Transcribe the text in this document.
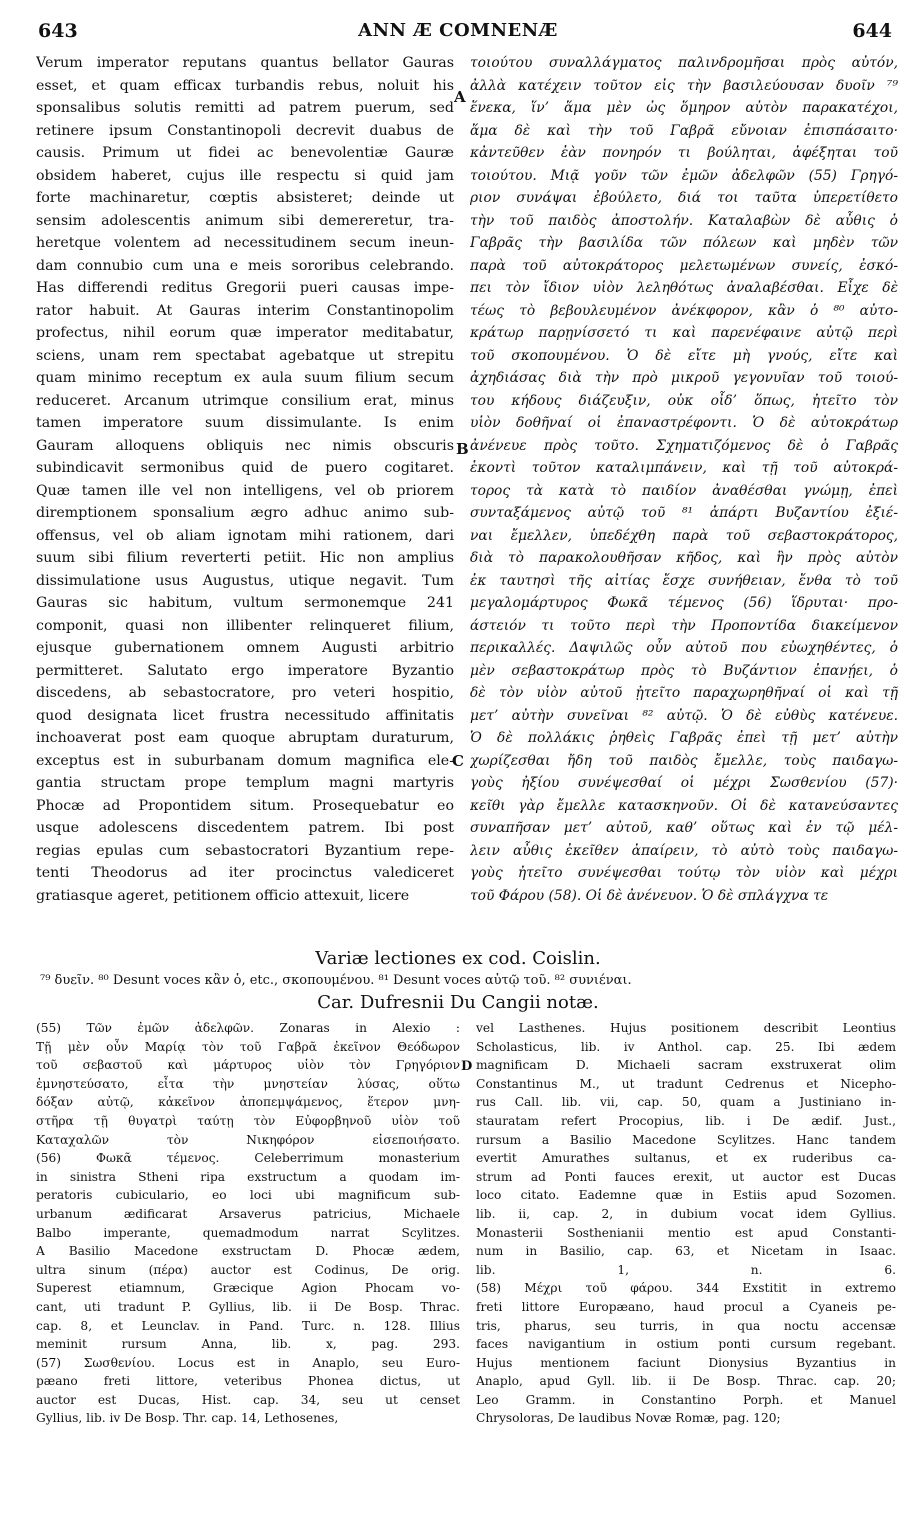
643	ANN Æ COMNENÆ	644
Verum imperator reputans quantus bellator Gauras
esset, et quam efficax turbandis rebus, noluit his
sponsalibus solutis remitti ad patrem puerum, sed
retinere ipsum Constantinopoli decrevit duabus de
causis. Primum ut fidei ac benevolentiæ Gauræ
obsidem haberet, cujus ille respectu si quid jam
forte machinaretur, cœptis absisteret; deinde ut
sensim adolescentis animum sibi demereretur, tra-
heretque volentem ad necessitudinem secum ineun-
dam connubio cum una e meis sororibus celebrando.
Has differendi reditus Gregorii pueri causas impe-
rator habuit. At Gauras interim Constantinopolim
profectus, nihil eorum quæ imperator meditabatur,
sciens, unam rem spectabat agebatque ut strepitu
quam minimo receptum ex aula suum filium secum
reduceret. Arcanum utrimque consilium erat, minus
tamen imperatore suum dissimulante. Is enim
Gauram alloquens obliquis nec nimis obscuris
subindicavit sermonibus quid de puero cogitaret.
Quæ tamen ille vel non intelligens, vel ob priorem
diremptionem sponsalium ægro adhuc animo sub-
offensus, vel ob aliam ignotam mihi rationem, dari
suum sibi filium reverterti petiit. Hic non amplius
dissimulatione usus Augustus, utique negavit. Tum
Gauras sic habitum, vultum sermonemque 241
componit, quasi non illibenter relinqueret filium,
ejusque gubernationem omnem Augusti arbitrio
permitteret. Salutato ergo imperatore Byzantio
discedens, ab sebastocratore, pro veteri hospitio,
quod designata licet frustra necessitudo affinitatis
inchoaverat post eam quoque abruptam duraturum,
exceptus est in suburbanam domum magnifica ele-
gantia structam prope templum magni martyris
Phocæ ad Propontidem situm. Prosequebatur eo
usque adolescens discedentem patrem. Ibi post
regias epulas cum sebastocratori Byzantium repe-
tenti Theodorus ad iter procinctus valediceret
gratiasque ageret, petitionem officio attexuit, licere
τοιούτου συναλλάγματος παλινδρομῆσαι πρὸς αὐτόν,
ἀλλὰ κατέχειν τοῦτον εἰς τὴν βασιλεύουσαν δυοῖν ⁷⁹
ἕνεκα, ἵν’ ἅμα μὲν ὡς ὅμηρον αὐτὸν παρακατέχοι,
ἅμα δὲ καὶ τὴν τοῦ Γαβρᾶ εὔνοιαν ἐπισπάσαιτο·
κἀντεῦθεν ἐὰν πονηρόν τι βούληται, ἀφέξηται τοῦ
τοιούτου. Μιᾷ γοῦν τῶν ἐμῶν ἀδελφῶν (55) Γρηγό-
ριον συνάψαι ἐβούλετο, διά τοι ταῦτα ὑπερετίθετο
τὴν τοῦ παιδὸς ἀποστολήν. Καταλαβὼν δὲ αὖθις ὁ
Γαβρᾶς τὴν βασιλίδα τῶν πόλεων καὶ μηδὲν τῶν
παρὰ τοῦ αὐτοκράτορος μελετωμένων συνείς, ἐσκό-
πει τὸν ἴδιον υἱὸν λεληθότως ἀναλαβέσθαι. Εἶχε δὲ
τέως τὸ βεβουλευμένον ἀνέκφορον, κἂν ὁ ⁸⁰ αὐτο-
κράτωρ παρῃνίσσετό τι καὶ παρενέφαινε αὐτῷ περὶ
τοῦ σκοπουμένου. Ὁ δὲ εἴτε μὴ γνούς, εἴτε καὶ
ἀχηδιάσας διὰ τὴν πρὸ μικροῦ γεγονυῖαν τοῦ τοιού-
του κήδους διάζευξιν, οὐκ οἶδ’ ὅπως, ἠτεῖτο τὸν
υἱὸν δοθῆναί οἱ ἐπαναστρέφοντι. Ὁ δὲ αὐτοκράτωρ
ἀνένευε πρὸς τοῦτο. Σχηματιζόμενος δὲ ὁ Γαβρᾶς
ἑκοντὶ τοῦτον καταλιμπάνειν, καὶ τῇ τοῦ αὐτοκρά-
τορος τὰ κατὰ τὸ παιδίον ἀναθέσθαι γνώμῃ, ἐπεὶ
συνταξάμενος αὐτῷ τοῦ ⁸¹ ἀπάρτι Βυζαντίου ἐξιέ-
ναι ἔμελλεν, ὑπεδέχθη παρὰ τοῦ σεβαστοκράτορος,
διὰ τὸ παρακολουθῆσαν κῆδος, καὶ ἣν πρὸς αὐτὸν
ἐκ ταυτησὶ τῆς αἰτίας ἔσχε συνήθειαν, ἔνθα τὸ τοῦ
μεγαλομάρτυρος Φωκᾶ τέμενος (56) ἵδρυται· προ-
άστειόν τι τοῦτο περὶ τὴν Προποντίδα διακείμενον
περικαλλές. Δαψιλῶς οὖν αὐτοῦ που εὐωχηθέντες, ὁ
μὲν σεβαστοκράτωρ πρὸς τὸ Βυζάντιον ἐπανῄει, ὁ
δὲ τὸν υἱὸν αὐτοῦ ᾐτεῖτο παραχωρηθῆναί οἱ καὶ τῇ
μετ’ αὐτὴν συνεῖναι ⁸² αὐτῷ. Ὁ δὲ εὐθὺς κατένευε.
Ὁ δὲ πολλάκις ῥηθεὶς Γαβρᾶς ἐπεὶ τῇ μετ’ αὐτὴν
χωρίζεσθαι ἤδη τοῦ παιδὸς ἔμελλε, τοὺς παιδαγω-
γοὺς ἠξίου συνέψεσθαί οἱ μέχρι Σωσθενίου (57)·
κεῖθι γὰρ ἔμελλε κατασκηνοῦν. Οἱ δὲ κατανεύσαντες
συναπῆσαν μετ’ αὐτοῦ, καθ’ οὕτως καὶ ἐν τῷ μέλ-
λειν αὖθις ἐκεῖθεν ἀπαίρειν, τὸ αὐτὸ τοὺς παιδαγω-
γοὺς ἠτεῖτο συνέψεσθαι τούτῳ τὸν υἱὸν καὶ μέχρι
τοῦ Φάρου (58). Οἱ δὲ ἀνένευον. Ὁ δὲ σπλάγχνα τε
A
B
C
Variæ lectiones ex cod. Coislin.
⁷⁹ δυεῖν. ⁸⁰ Desunt voces κἂν ὁ, etc., σκοπουμένου. ⁸¹ Desunt voces αὐτῷ τοῦ. ⁸² συνιέναι.
Car. Dufresnii Du Cangii notæ.
(55) Τῶν ἐμῶν ἀδελφῶν. Zonaras in Alexio :
Τῇ μὲν οὖν Μαρίᾳ τὸν τοῦ Γαβρᾶ ἐκεῖνον Θεόδωρον
τοῦ σεβαστοῦ καὶ μάρτυρος υἱὸν τὸν Γρηγόριον
ἐμνηστεύσατο, εἶτα τὴν μνηστείαν λύσας, οὕτω
δόξαν αὐτῷ, κἀκεῖνον ἀποπεμψάμενος, ἕτερον μνη-
στῆρα τῇ θυγατρὶ ταύτῃ τὸν Εὐφορβηνοῦ υἱὸν τοῦ
Καταχαλῶν τὸν Νικηφόρον εἰσεποιήσατο.
(56) Φωκᾶ τέμενος. Celeberrimum monasterium
in sinistra Stheni ripa exstructum a quodam im-
peratoris cubiculario, eo loci ubi magnificum sub-
urbanum ædificarat Arsaverus patricius, Michaele
Balbo imperante, quemadmodum narrat Scylitzes.
A Basilio Macedone exstructam D. Phocæ ædem,
ultra sinum (πέρα) auctor est Codinus, De orig.
Superest etiamnum, Græcique Agion Phocam vo-
cant, uti tradunt P. Gyllius, lib. ii De Bosp. Thrac.
cap. 8, et Leunclav. in Pand. Turc. n. 128. Illius
meminit rursum Anna, lib. x, pag. 293.
(57) Σωσθενίου. Locus est in Anaplo, seu Euro-
pæano freti littore, veteribus Phonea dictus, ut
auctor est Ducas, Hist. cap. 34, seu ut censet
Gyllius, lib. iv De Bosp. Thr. cap. 14, Lethosenes,
vel Lasthenes. Hujus positionem describit Leontius
Scholasticus, lib. iv Anthol. cap. 25. Ibi ædem
magnificam D. Michaeli sacram exstruxerat olim
Constantinus M., ut tradunt Cedrenus et Nicepho-
rus Call. lib. vii, cap. 50, quam a Justiniano in-
stauratam refert Procopius, lib. i De ædif. Just.,
rursum a Basilio Macedone Scylitzes. Hanc tandem
evertit Amurathes sultanus, et ex ruderibus ca-
strum ad Ponti fauces erexit, ut auctor est Ducas
loco citato. Eademne quæ in Estiis apud Sozomen.
lib. ii, cap. 2, in dubium vocat idem Gyllius.
Monasterii Sosthenianii mentio est apud Constanti-
num in Basilio, cap. 63, et Nicetam in Isaac.
lib. 1, n. 6.
(58) Μέχρι τοῦ φάρου. 344 Exstitit in extremo
freti littore Europæano, haud procul a Cyaneis pe-
tris, pharus, seu turris, in qua noctu accensæ
faces navigantium in ostium ponti cursum regebant.
Hujus mentionem faciunt Dionysius Byzantius in
Anaplo, apud Gyll. lib. ii De Bosp. Thrac. cap. 20;
Leo Gramm. in Constantino Porph. et Manuel
Chrysoloras, De laudibus Novæ Romæ, pag. 120;
D
